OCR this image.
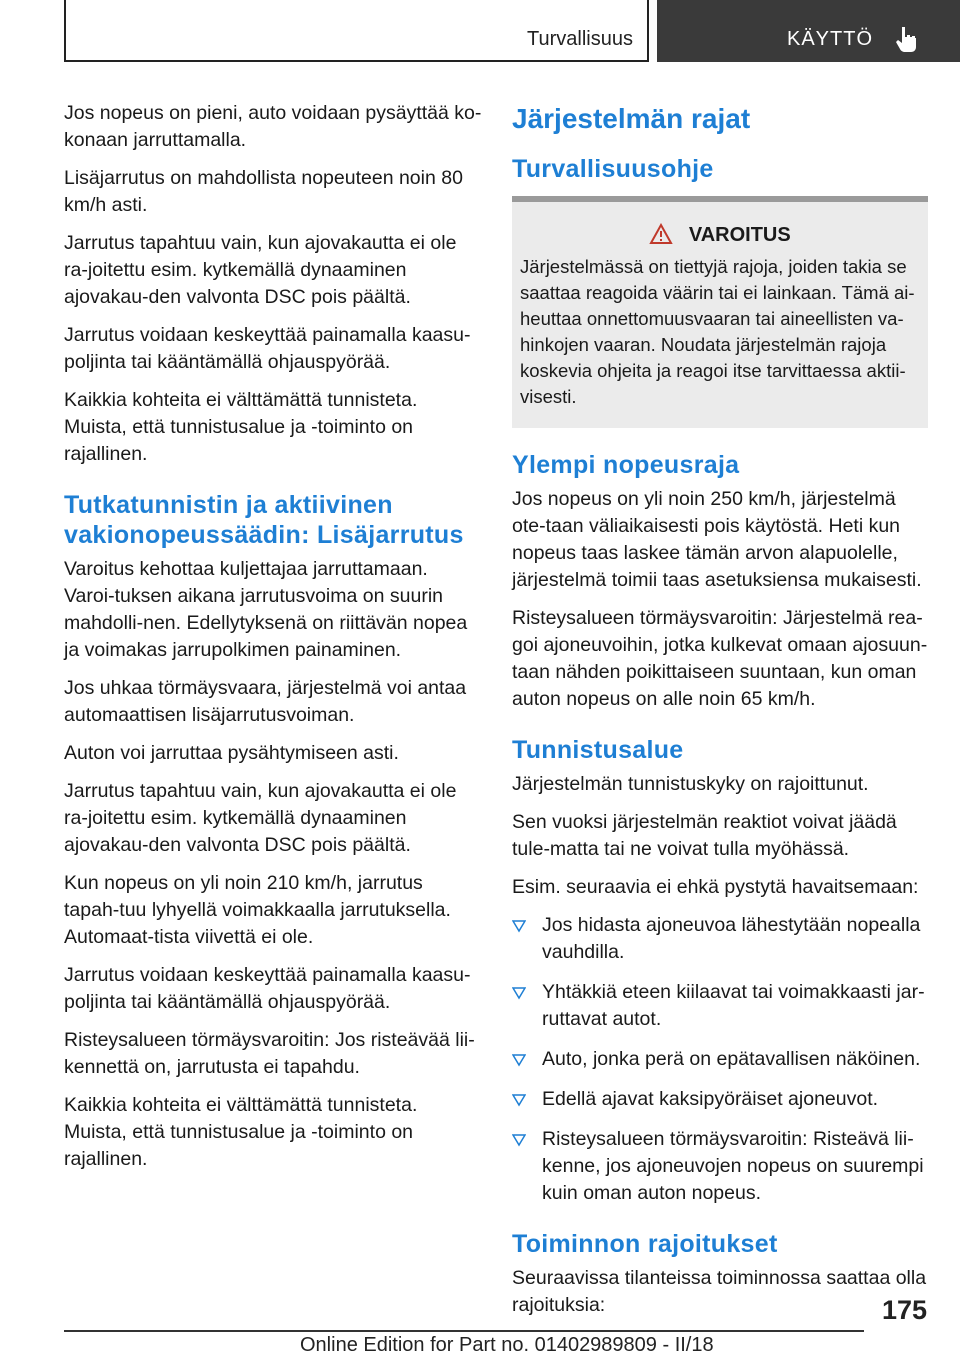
Turvallisuus	KÄYTTÖ

Jos nopeus on pieni, auto voidaan pysäyttää ko-konaan jarruttamalla.

Lisäjarrutus on mahdollista nopeuteen noin 80 km/h asti.

Jarrutus tapahtuu vain, kun ajovakautta ei ole ra-joitettu esim. kytkemällä dynaaminen ajovakau-den valvonta DSC pois päältä.

Jarrutus voidaan keskeyttää painamalla kaasu-poljinta tai kääntämällä ohjauspyörää.

Kaikkia kohteita ei välttämättä tunnisteta. Muista, että tunnistusalue ja -toiminto on rajallinen.

Tutkatunnistin ja aktiivinen vakionopeussäädin: Lisäjarrutus

Varoitus kehottaa kuljettajaa jarruttamaan. Varoi-tuksen aikana jarrutusvoima on suurin mahdolli-nen. Edellytyksenä on riittävän nopea ja voimakas jarrupolkimen painaminen.

Jos uhkaa törmäysvaara, järjestelmä voi antaa automaattisen lisäjarrutusvoiman.

Auton voi jarruttaa pysähtymiseen asti.

Jarrutus tapahtuu vain, kun ajovakautta ei ole ra-joitettu esim. kytkemällä dynaaminen ajovakau-den valvonta DSC pois päältä.

Kun nopeus on yli noin 210 km/h, jarrutus tapah-tuu lyhyellä voimakkaalla jarrutuksella. Automaat-tista viivettä ei ole.

Jarrutus voidaan keskeyttää painamalla kaasu-poljinta tai kääntämällä ohjauspyörää.

Risteysalueen törmäysvaroitin: Jos risteävää lii-kennettä on, jarrutusta ei tapahdu.

Kaikkia kohteita ei välttämättä tunnisteta. Muista, että tunnistusalue ja -toiminto on rajallinen.

Järjestelmän rajat
Turvallisuusohje
VAROITUS
Järjestelmässä on tiettyjä rajoja, joiden takia se saattaa reagoida väärin tai ei lainkaan. Tämä ai-heuttaa onnettomuusvaaran tai aineellisten va-hinkojen vaaran. Noudata järjestelmän rajoja koskevia ohjeita ja reagoi itse tarvittaessa aktii-visesti.
Ylempi nopeusraja

Jos nopeus on yli noin 250 km/h, järjestelmä ote-taan väliaikaisesti pois käytöstä. Heti kun nopeus taas laskee tämän arvon alapuolelle, järjestelmä toimii taas asetuksiensa mukaisesti.

Risteysalueen törmäysvaroitin: Järjestelmä rea-goi ajoneuvoihin, jotka kulkevat omaan ajosuun-taan nähden poikittaiseen suuntaan, kun oman auton nopeus on alle noin 65 km/h.

Tunnistusalue

Järjestelmän tunnistuskyky on rajoittunut.

Sen vuoksi järjestelmän reaktiot voivat jäädä tule-matta tai ne voivat tulla myöhässä.

Esim. seuraavia ei ehkä pystytä havaitsemaan:

Jos hidasta ajoneuvoa lähestytään nopealla vauhdilla.
Yhtäkkiä eteen kiilaavat tai voimakkaasti jar-ruttavat autot.
Auto, jonka perä on epätavallisen näköinen.
Edellä ajavat kaksipyöräiset ajoneuvot.
Risteysalueen törmäysvaroitin: Risteävä lii-kenne, jos ajoneuvojen nopeus on suurempi kuin oman auton nopeus.
Toiminnon rajoitukset

Seuraavissa tilanteissa toiminnossa saattaa olla rajoituksia:	175
Online Edition for Part no. 01402989809 - II/18
